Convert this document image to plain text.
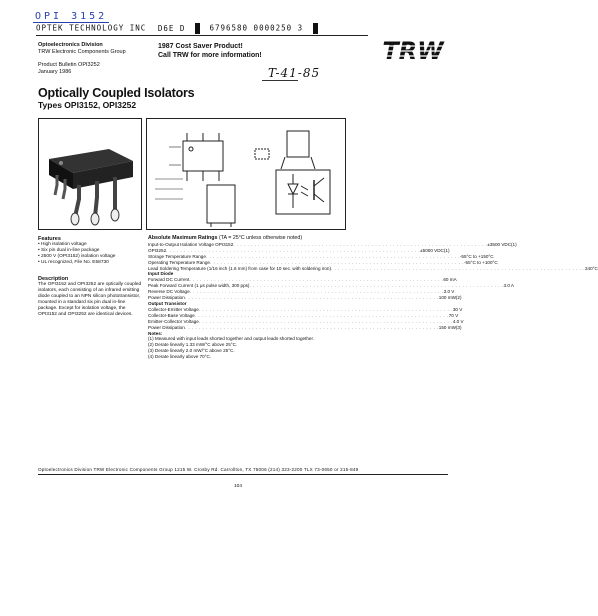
OPI 3152
OPTEK TECHNOLOGY INC D6E D	6796580 0000250 3
Optoelectronics Division
TRW Electronic Components Group
Product Bulletin OPI3252
January 1986
1987 Cost Saver Product!
Call TRW for more information!	TRW
T-41-85
Optically Coupled Isolators
Types OPI3152, OPI3252
Features
• High isolation voltage
• Six pin dual in-line package
• 2500 V (OPI3152) isolation voltage
• UL recognized, File No. E58730
Description
The OPI3152 and OPI3252 are optically coupled isolators, each consisting of an infrared emitting diode coupled to an NPN silicon phototransistor, mounted in a standard six pin dual in-line package. Except for isolation voltage, the OPI3152 and OPI3252 are identical devices.
Absolute Maximum Ratings (TA = 25°C unless otherwise noted)
Input-to-Output Isolation Voltage OPI3152 . . . . . . . . . . . . . . . . . . . . . . . . . . . . . . . . . . . . . . . . . . . . . . . . . . . . . . . . . . . . . . . . . . . . . . . . ±3500 VDC(1)
OPI3252 . . . . . . . . . . . . . . . . . . . . . . . . . . . . . . . . . . . . . . . . . . . . . . . . . . . . . . . . . . . . . . . . . . . . . . . . ±5000 VDC(1)
Storage Temperature Range . . . . . . . . . . . . . . . . . . . . . . . . . . . . . . . . . . . . . . . . . . . . . . . . . . . . . . . . . . . . . . . . . . . . . . . . -55°C to +150°C
Operating Temperature Range . . . . . . . . . . . . . . . . . . . . . . . . . . . . . . . . . . . . . . . . . . . . . . . . . . . . . . . . . . . . . . . . . . . . . . . . -55°C to +100°C
Lead Soldering Temperature (1/16 inch (1.6 mm) from case for 10 sec. with soldering iron) . . . . . . . . . . . . . . . . . . . . . . . . . . . . . . . . . . . . . . . . . . . . . . . . . . . . . . . . . . . . . . . . . . . . . . . . 240°C
Input Diode
Forward DC Current . . . . . . . . . . . . . . . . . . . . . . . . . . . . . . . . . . . . . . . . . . . . . . . . . . . . . . . . . . . . . . . . . . . . . . . . 60 mA
Peak Forward Current (1 μs pulse width, 300 pps) . . . . . . . . . . . . . . . . . . . . . . . . . . . . . . . . . . . . . . . . . . . . . . . . . . . . . . . . . . . . . . . . . . . . . . . . 3.0 A
Reverse DC Voltage . . . . . . . . . . . . . . . . . . . . . . . . . . . . . . . . . . . . . . . . . . . . . . . . . . . . . . . . . . . . . . . . . . . . . . . . 3.0 V
Power Dissipation . . . . . . . . . . . . . . . . . . . . . . . . . . . . . . . . . . . . . . . . . . . . . . . . . . . . . . . . . . . . . . . . . . . . . . . . 100 mW(2)
Output Transistor
Collector-Emitter Voltage . . . . . . . . . . . . . . . . . . . . . . . . . . . . . . . . . . . . . . . . . . . . . . . . . . . . . . . . . . . . . . . . . . . . . . . . 30 V
Collector-Base Voltage . . . . . . . . . . . . . . . . . . . . . . . . . . . . . . . . . . . . . . . . . . . . . . . . . . . . . . . . . . . . . . . . . . . . . . . . 70 V
Emitter-Collector Voltage . . . . . . . . . . . . . . . . . . . . . . . . . . . . . . . . . . . . . . . . . . . . . . . . . . . . . . . . . . . . . . . . . . . . . . . . 4.0 V
Power Dissipation . . . . . . . . . . . . . . . . . . . . . . . . . . . . . . . . . . . . . . . . . . . . . . . . . . . . . . . . . . . . . . . . . . . . . . . . 150 mW(3)
Notes:
(1) Measured with input leads shorted together and output leads shorted together.
(2) Derate linearly 1.33 mW/°C above 25°C.
(3) Derate linearly 2.0 mW/°C above 25°C.
(4) Derate linearly above 70°C.
Optoelectronics Division TRW Electronic Components Group 1215 W. Crosby Rd. Carrollton, TX 75006 (214) 323-2200 TLX 73-0650 or 215-849
104
